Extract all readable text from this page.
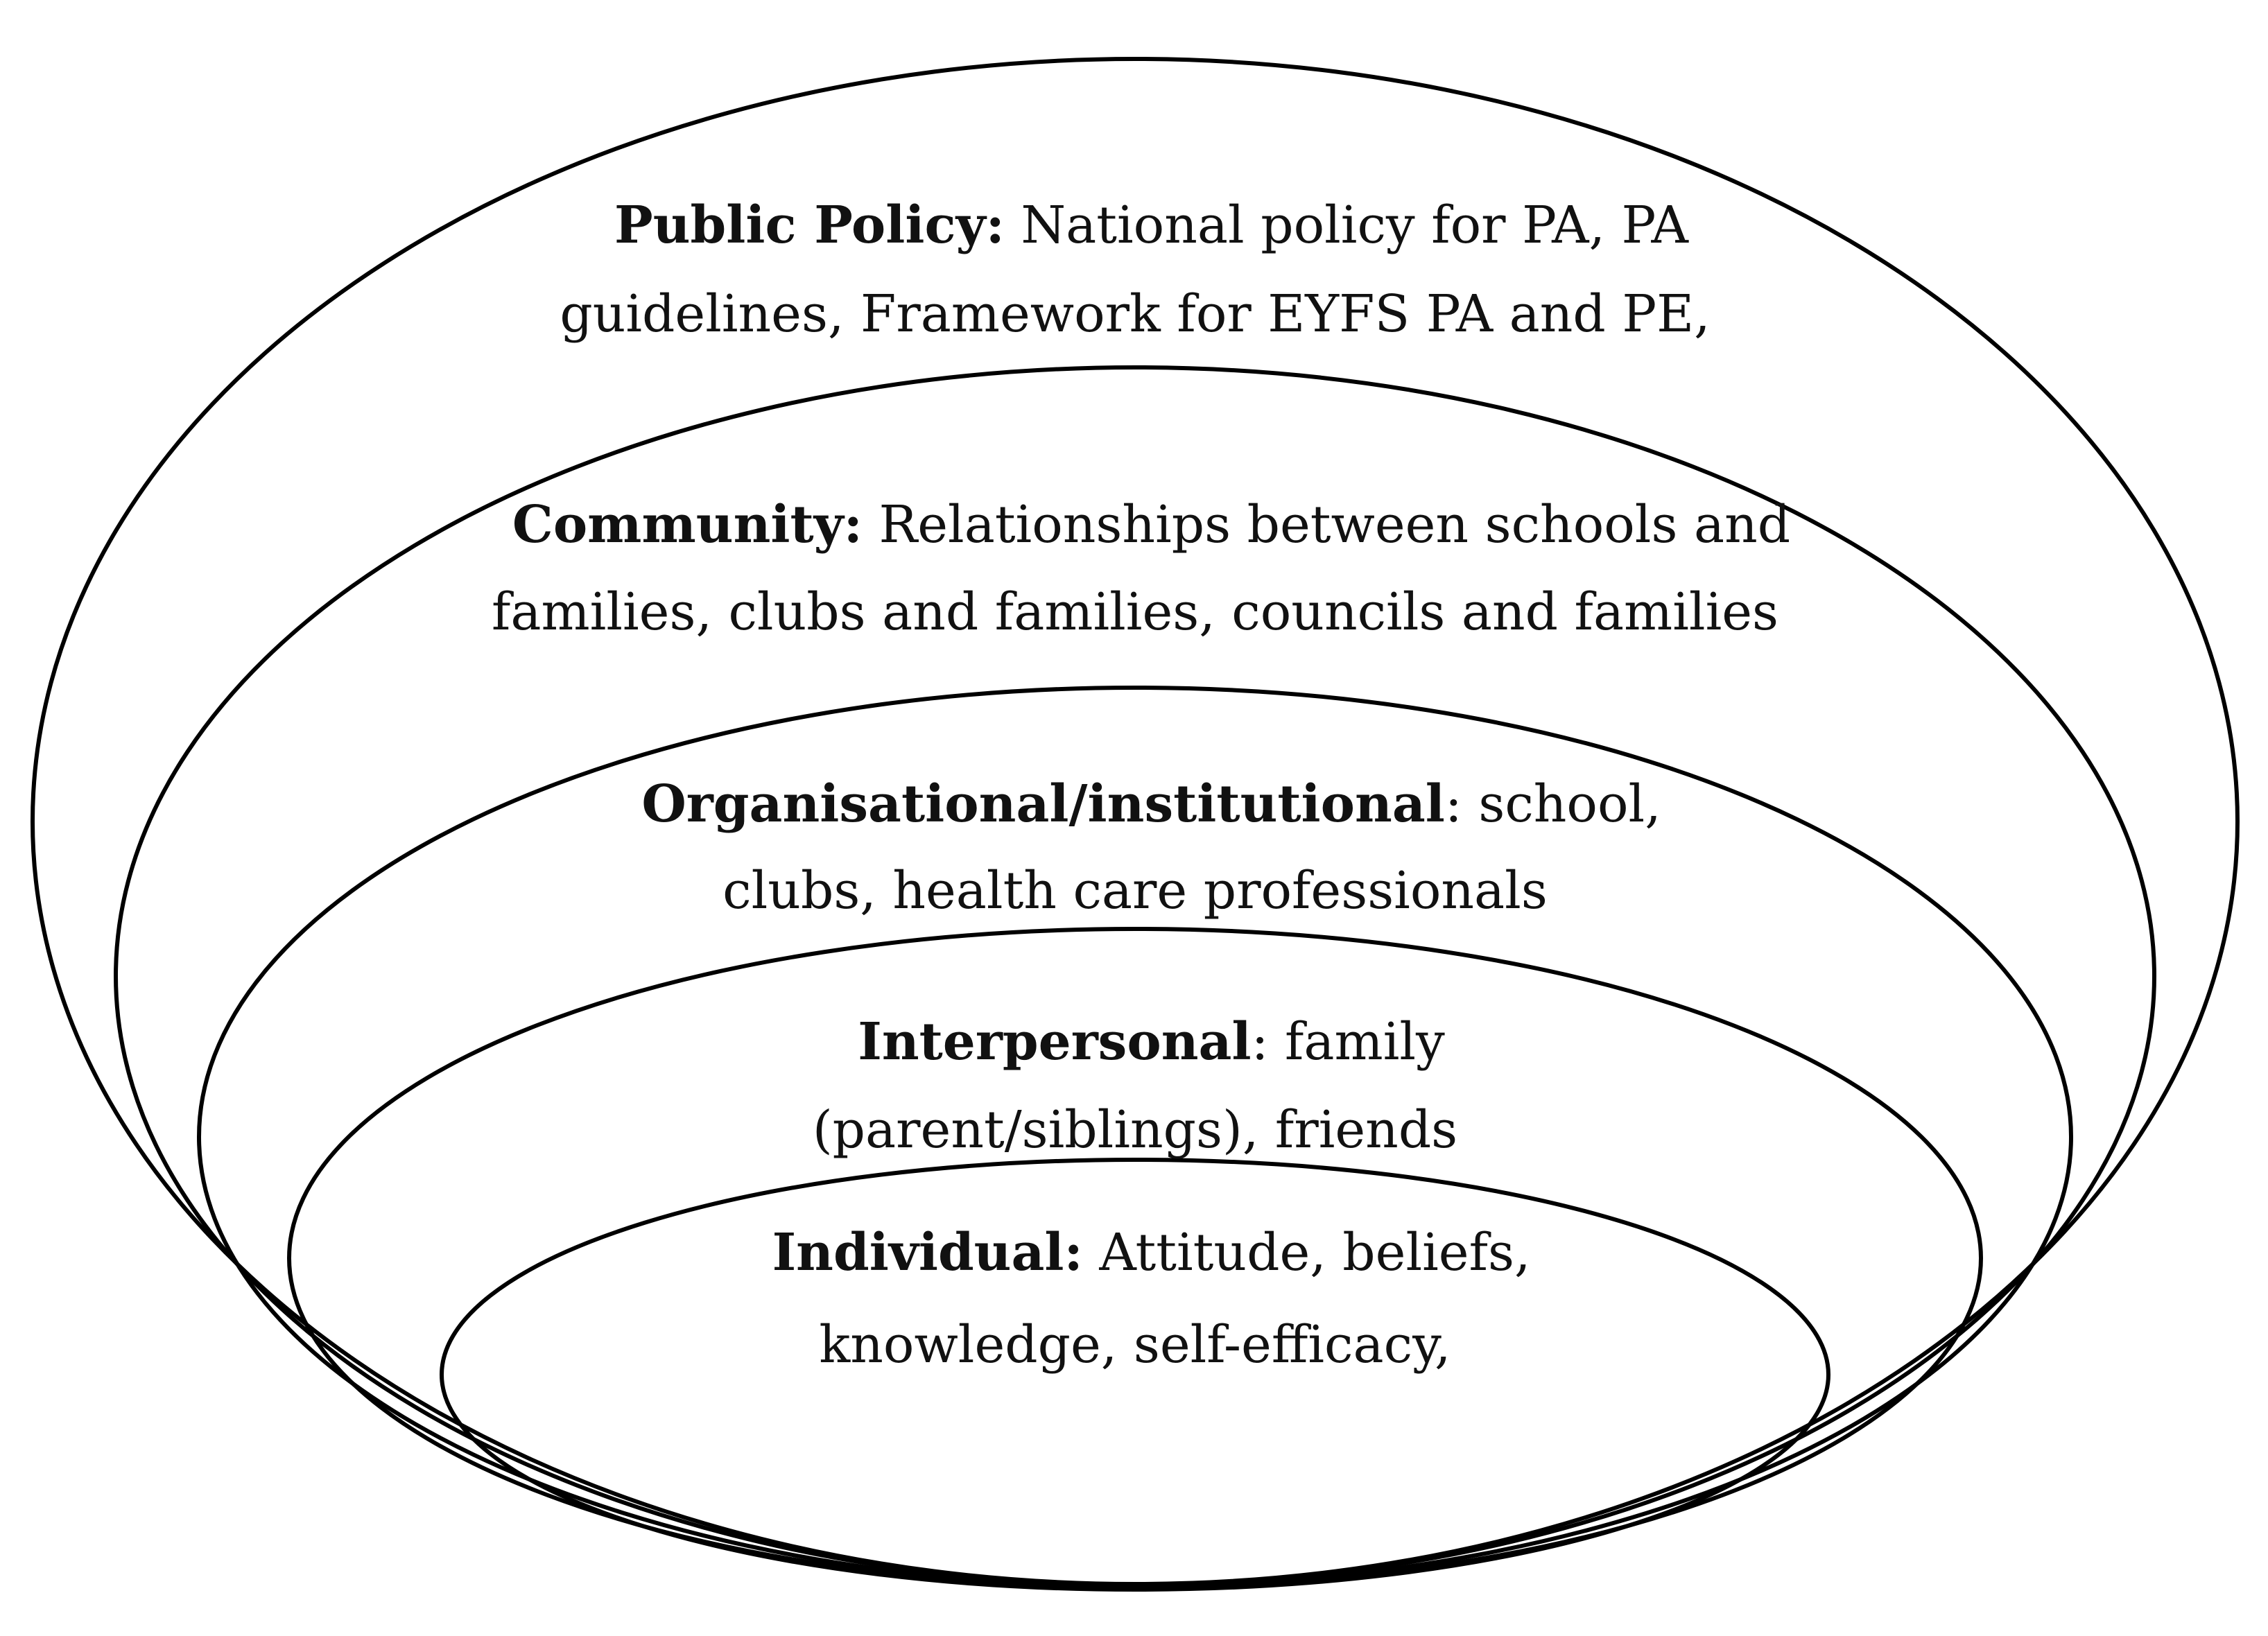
Public Policy: National policy for PA, PA
guidelines, Framework for EYFS PA and PE,
Community: Relationships between schools and
families, clubs and families, councils and families
Organisational/institutional: school,
clubs, health care professionals
Interpersonal: family
(parent/siblings), friends
Individual: Attitude, beliefs,
knowledge, self-efficacy,
